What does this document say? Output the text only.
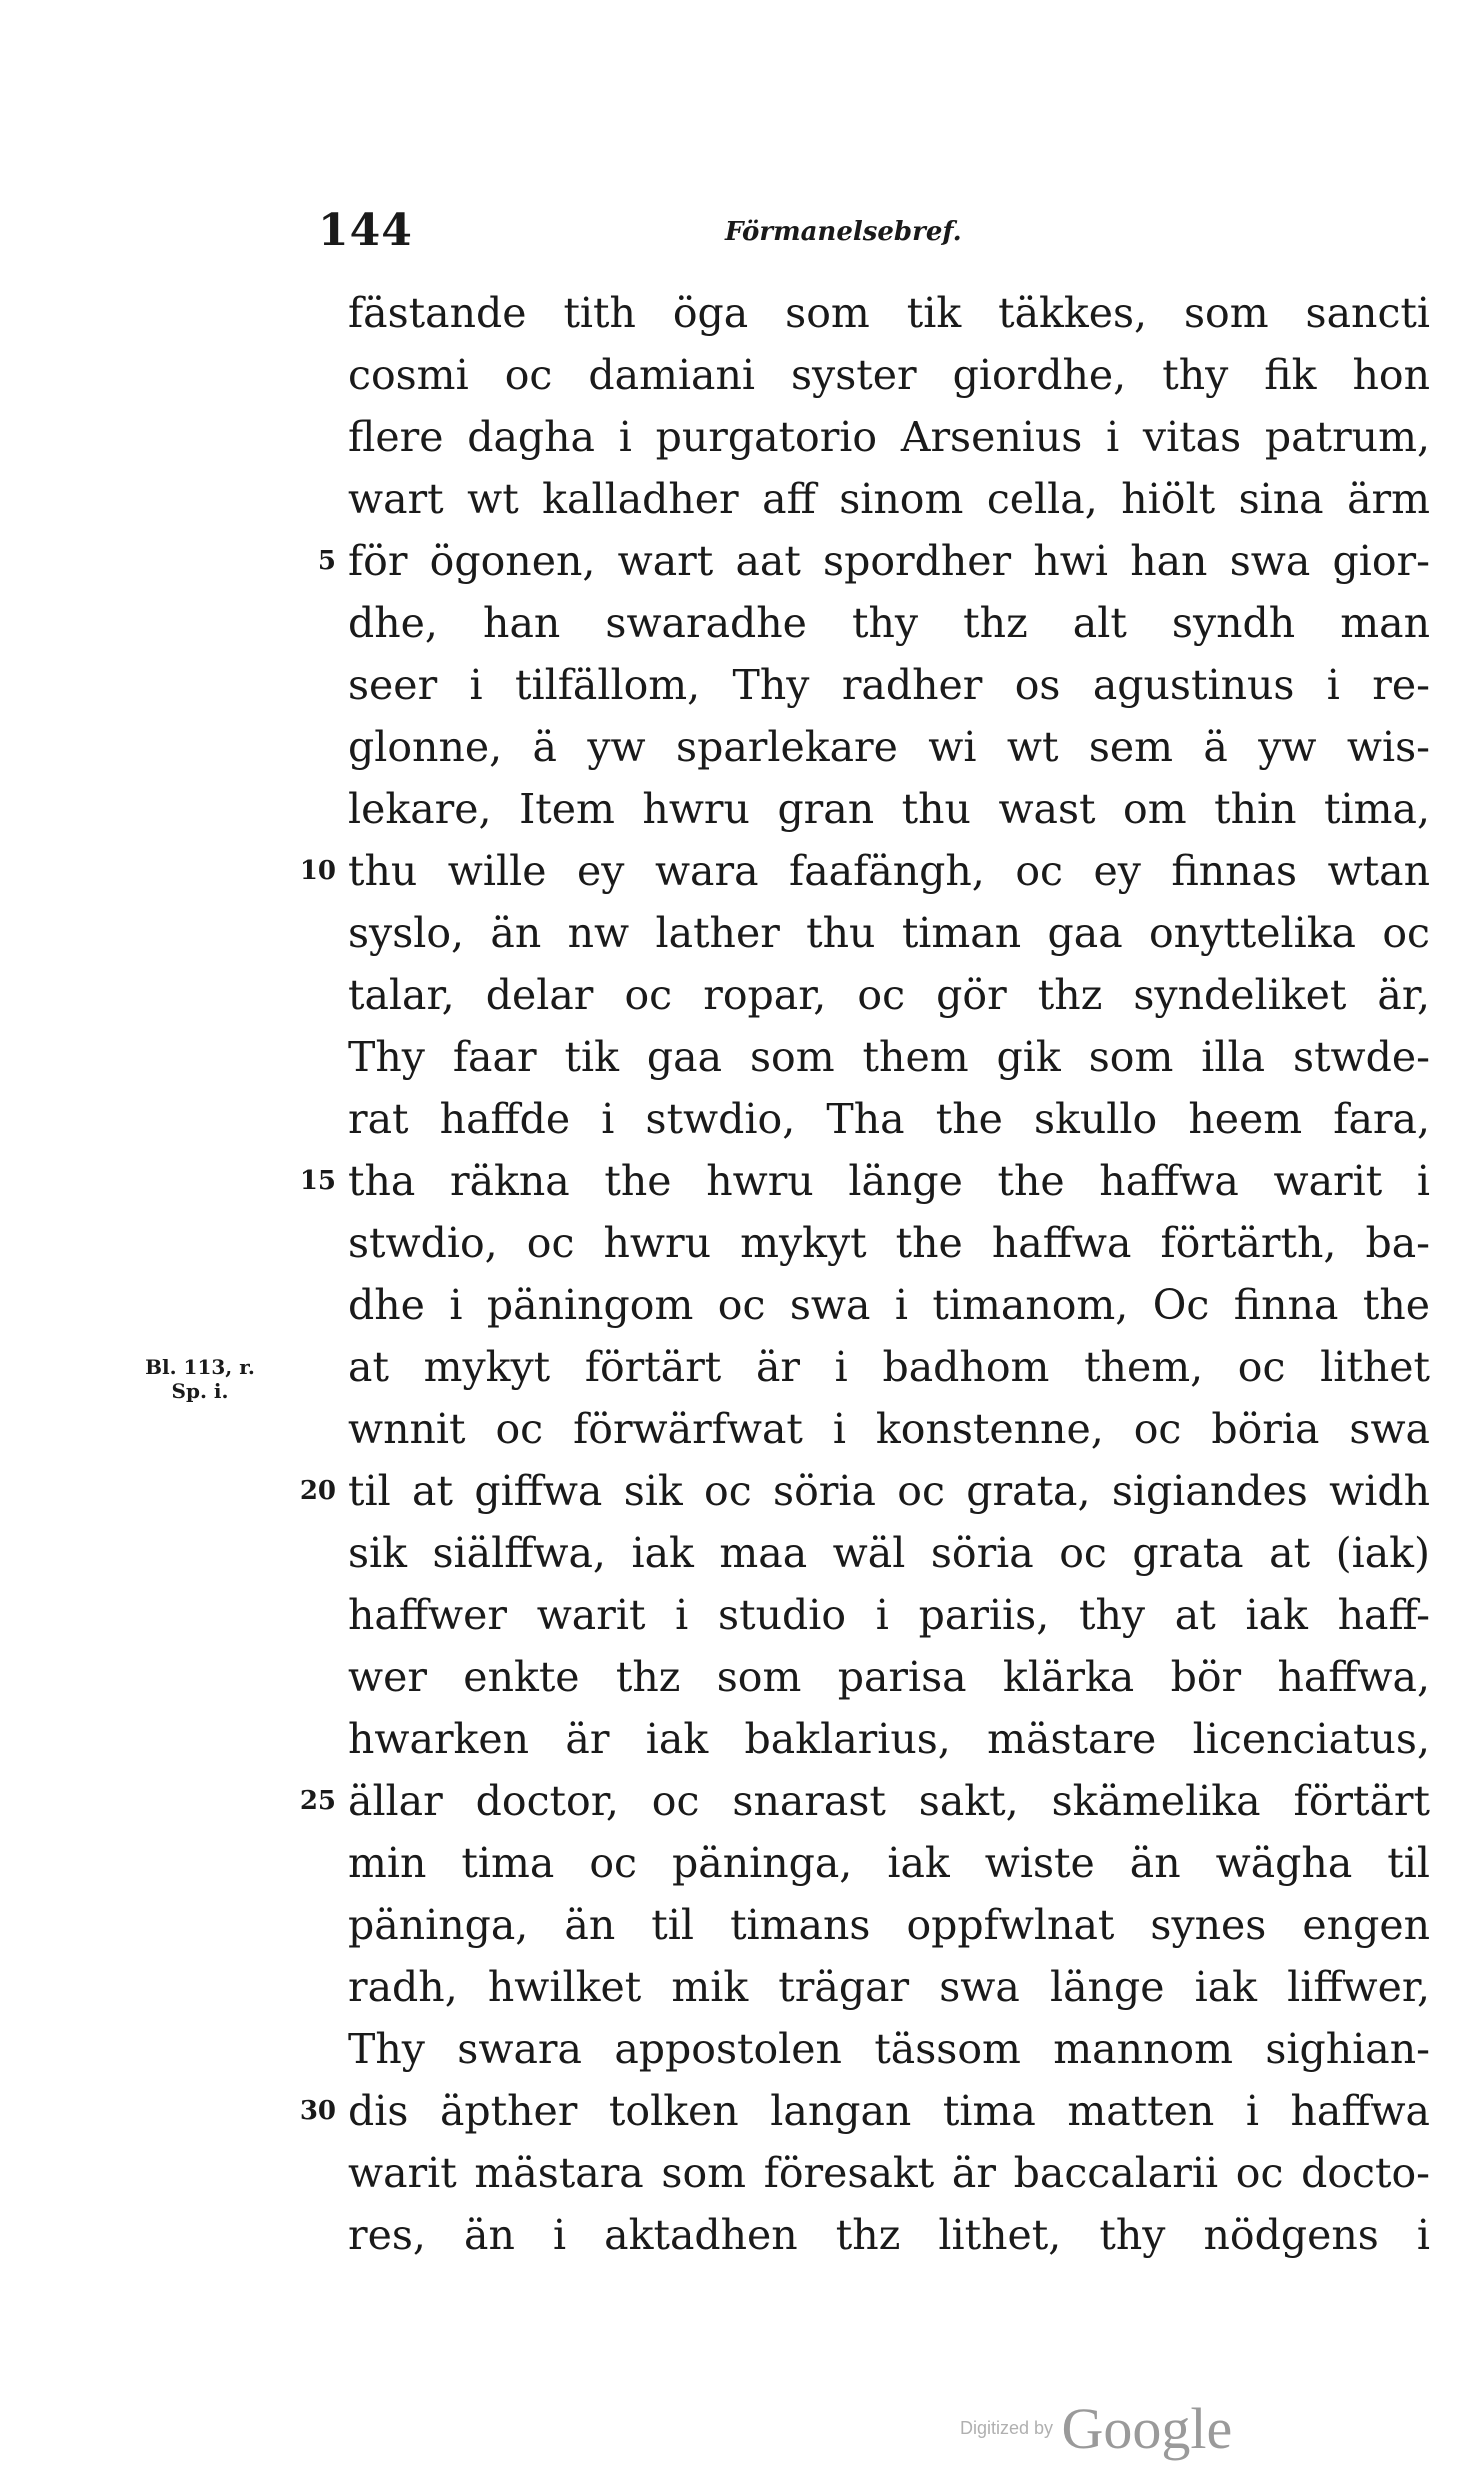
144	Förmanelsebref.
fästande tith öga som tik täkkes, som sancti
cosmi oc damiani syster giordhe, thy fik hon
flere dagha i purgatorio Arsenius i vitas patrum,
wart wt kalladher aff sinom cella, hiölt sina ärm
för ögonen, wart aat spordher hwi han swa gior-
dhe, han swaradhe thy thz alt syndh man
seer i tilfällom, Thy radher os agustinus i re-
glonne, ä yw sparlekare wi wt sem ä yw wis-
lekare, Item hwru gran thu wast om thin tima,
thu wille ey wara faafängh, oc ey finnas wtan
syslo, än nw lather thu timan gaa onyttelika oc
talar, delar oc ropar, oc gör thz syndeliket är,
Thy faar tik gaa som them gik som illa stwde-
rat haffde i stwdio, Tha the skullo heem fara,
tha räkna the hwru länge the haffwa warit i
stwdio, oc hwru mykyt the haffwa förtärth, ba-
dhe i päningom oc swa i timanom, Oc finna the
at mykyt förtärt är i badhom them, oc lithet
wnnit oc förwärfwat i konstenne, oc böria swa
til at giffwa sik oc söria oc grata, sigiandes widh
sik siälffwa, iak maa wäl söria oc grata at (iak)
haffwer warit i studio i pariis, thy at iak haff-
wer enkte thz som parisa klärka bör haffwa,
hwarken är iak baklarius, mästare licenciatus,
ällar doctor, oc snarast sakt, skämelika förtärt
min tima oc päninga, iak wiste än wägha til
päninga, än til timans oppfwlnat synes engen
radh, hwilket mik trägar swa länge iak liffwer,
Thy swara appostolen tässom mannom sighian-
dis äpther tolken langan tima matten i haffwa
warit mästara som föresakt är baccalarii oc docto-
res, än i aktadhen thz lithet, thy nödgens i
5
10
15
20
25
30
Bl. 113, r.
Sp. i.
Digitized by Google
